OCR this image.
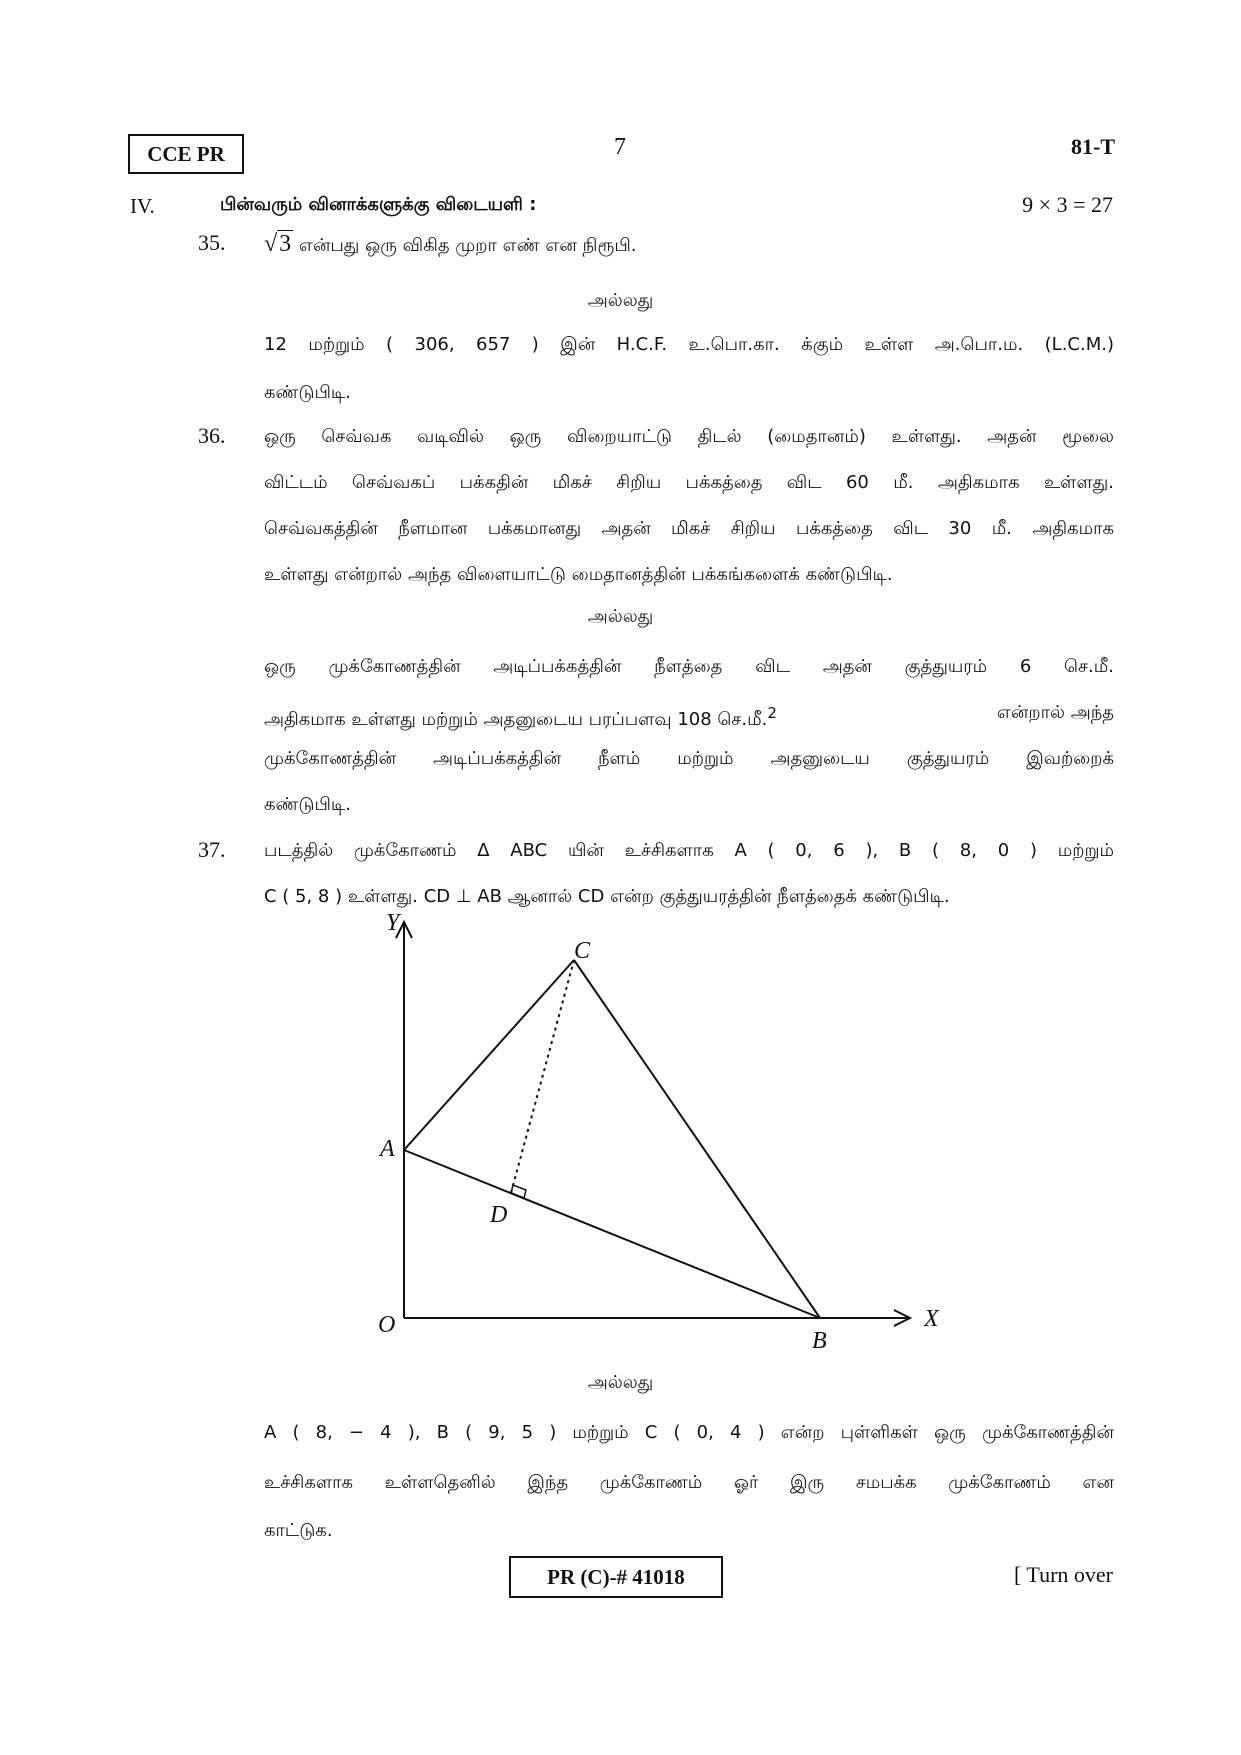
CCE PR	7	81-T
IV.	பின்வரும் வினாக்களுக்கு விடையளி :	9 × 3 = 27
35. √3 என்பது ஒரு விகித முறா எண் என நிரூபி.
அல்லது
12 மற்றும் ( 306, 657 ) இன் H.C.F. உ.பொ.கா. க்கும் உள்ள அ.பொ.ம. (L.C.M.)
கண்டுபிடி.
36. ஒரு செவ்வக வடிவில் ஒரு விறையாட்டு திடல் (மைதானம்) உள்ளது. அதன் மூலை
விட்டம் செவ்வகப் பக்கதின் மிகச் சிறிய பக்கத்தை விட 60 மீ. அதிகமாக உள்ளது.
செவ்வகத்தின் நீளமான பக்கமானது அதன் மிகச் சிறிய பக்கத்தை விட 30 மீ. அதிகமாக
உள்ளது என்றால் அந்த விளையாட்டு மைதானத்தின் பக்கங்களைக் கண்டுபிடி.
அல்லது
ஒரு முக்கோணத்தின் அடிப்பக்கத்தின் நீளத்தை விட அதன் குத்துயரம் 6 செ.மீ.
அதிகமாக உள்ளது மற்றும் அதனுடைய பரப்பளவு 108 செ.மீ.$^2$	என்றால் அந்த
முக்கோணத்தின் அடிப்பக்கத்தின் நீளம் மற்றும் அதனுடைய குத்துயரம் இவற்றைக்
கண்டுபிடி.
37. படத்தில் முக்கோணம் Δ ABC யின் உச்சிகளாக A ( 0, 6 ), B ( 8, 0 ) மற்றும்
C ( 5, 8 ) உள்ளது. CD ⊥ AB ஆனால் CD என்ற குத்துயரத்தின் நீளத்தைக் கண்டுபிடி.
Y
X
O
A
B
C
D
அல்லது
A ( 8, − 4 ), B ( 9, 5 ) மற்றும் C ( 0, 4 ) என்ற புள்ளிகள் ஒரு முக்கோணத்தின்
உச்சிகளாக உள்ளதெனில் இந்த முக்கோணம் ஓர் இரு சமபக்க முக்கோணம் என
காட்டுக.
PR (C)-# 41018	[ Turn over
